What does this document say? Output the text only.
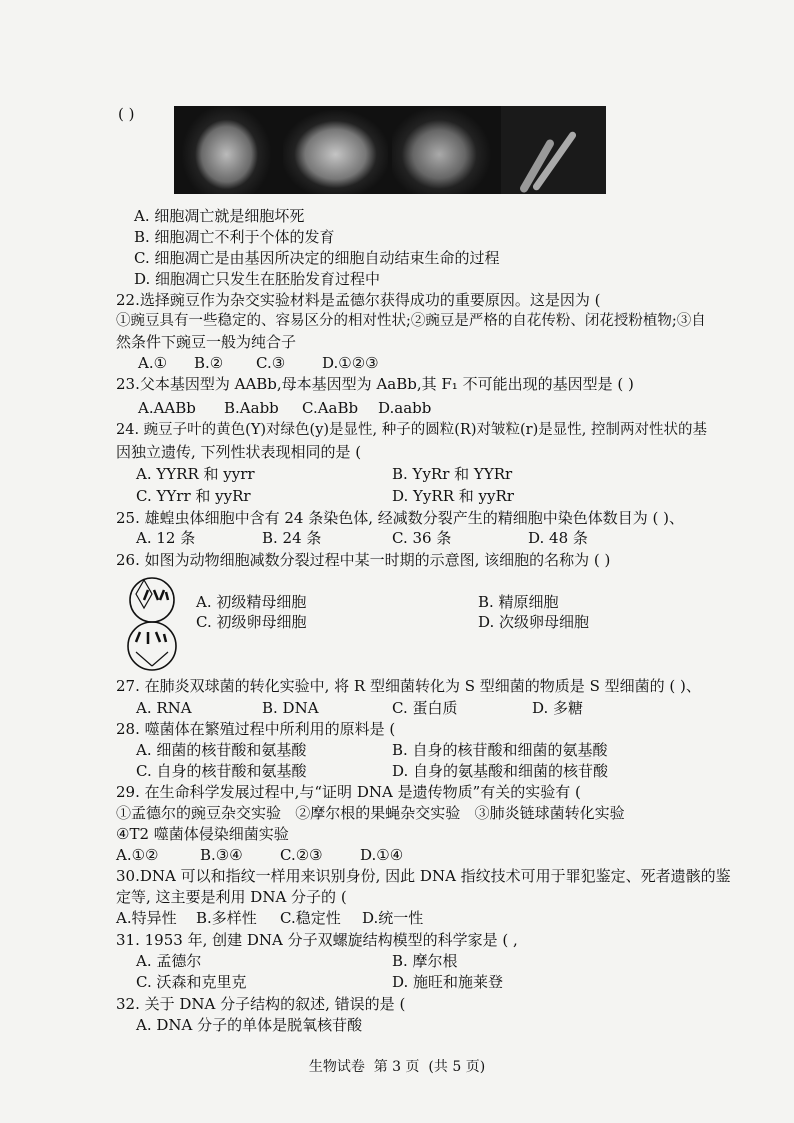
( )
A. 细胞凋亡就是细胞坏死
B. 细胞凋亡不利于个体的发育
C. 细胞凋亡是由基因所决定的细胞自动结束生命的过程
D. 细胞凋亡只发生在胚胎发育过程中
22.选择豌豆作为杂交实验材料是孟德尔获得成功的重要原因。这是因为 (
①豌豆具有一些稳定的、容易区分的相对性状;②豌豆是严格的自花传粉、闭花授粉植物;③自
然条件下豌豆一般为纯合子
A.① B.② C.③ D.①②③
23.父本基因型为 AABb,母本基因型为 AaBb,其 F₁ 不可能出现的基因型是 ( )
A.AABb B.Aabb C.AaBb D.aabb
24. 豌豆子叶的黄色(Y)对绿色(y)是显性, 种子的圆粒(R)对皱粒(r)是显性, 控制两对性状的基
因独立遗传, 下列性状表现相同的是 (
A. YYRR 和 yyrr	B. YyRr 和 YYRr
C. YYrr 和 yyRr	D. YyRR 和 yyRr
25. 雄蝗虫体细胞中含有 24 条染色体, 经减数分裂产生的精细胞中染色体数目为 ( )、
A. 12 条	B. 24 条	C. 36 条	D. 48 条
26. 如图为动物细胞减数分裂过程中某一时期的示意图, 该细胞的名称为 ( )
A. 初级精母细胞	B. 精原细胞
C. 初级卵母细胞	D. 次级卵母细胞
27. 在肺炎双球菌的转化实验中, 将 R 型细菌转化为 S 型细菌的物质是 S 型细菌的 ( )、
A. RNA	B. DNA	C. 蛋白质	D. 多糖
28. 噬菌体在繁殖过程中所利用的原料是 (
A. 细菌的核苷酸和氨基酸	B. 自身的核苷酸和细菌的氨基酸
C. 自身的核苷酸和氨基酸	D. 自身的氨基酸和细菌的核苷酸
29. 在生命科学发展过程中,与“证明 DNA 是遗传物质”有关的实验有 (
①孟德尔的豌豆杂交实验   ②摩尔根的果蝇杂交实验   ③肺炎链球菌转化实验
④T2 噬菌体侵染细菌实验
A.①②	B.③④ C.②③ D.①④
30.DNA 可以和指纹一样用来识别身份, 因此 DNA 指纹技术可用于罪犯鉴定、死者遗骸的鉴
定等, 这主要是利用 DNA 分子的 (
A.特异性 B.多样性 C.稳定性 D.统一性
31. 1953 年, 创建 DNA 分子双螺旋结构模型的科学家是 ( ,
A. 孟德尔	B. 摩尔根
C. 沃森和克里克	D. 施旺和施莱登
32. 关于 DNA 分子结构的叙述, 错误的是 (
A. DNA 分子的单体是脱氧核苷酸
生物试卷  第 3 页  (共 5 页)
